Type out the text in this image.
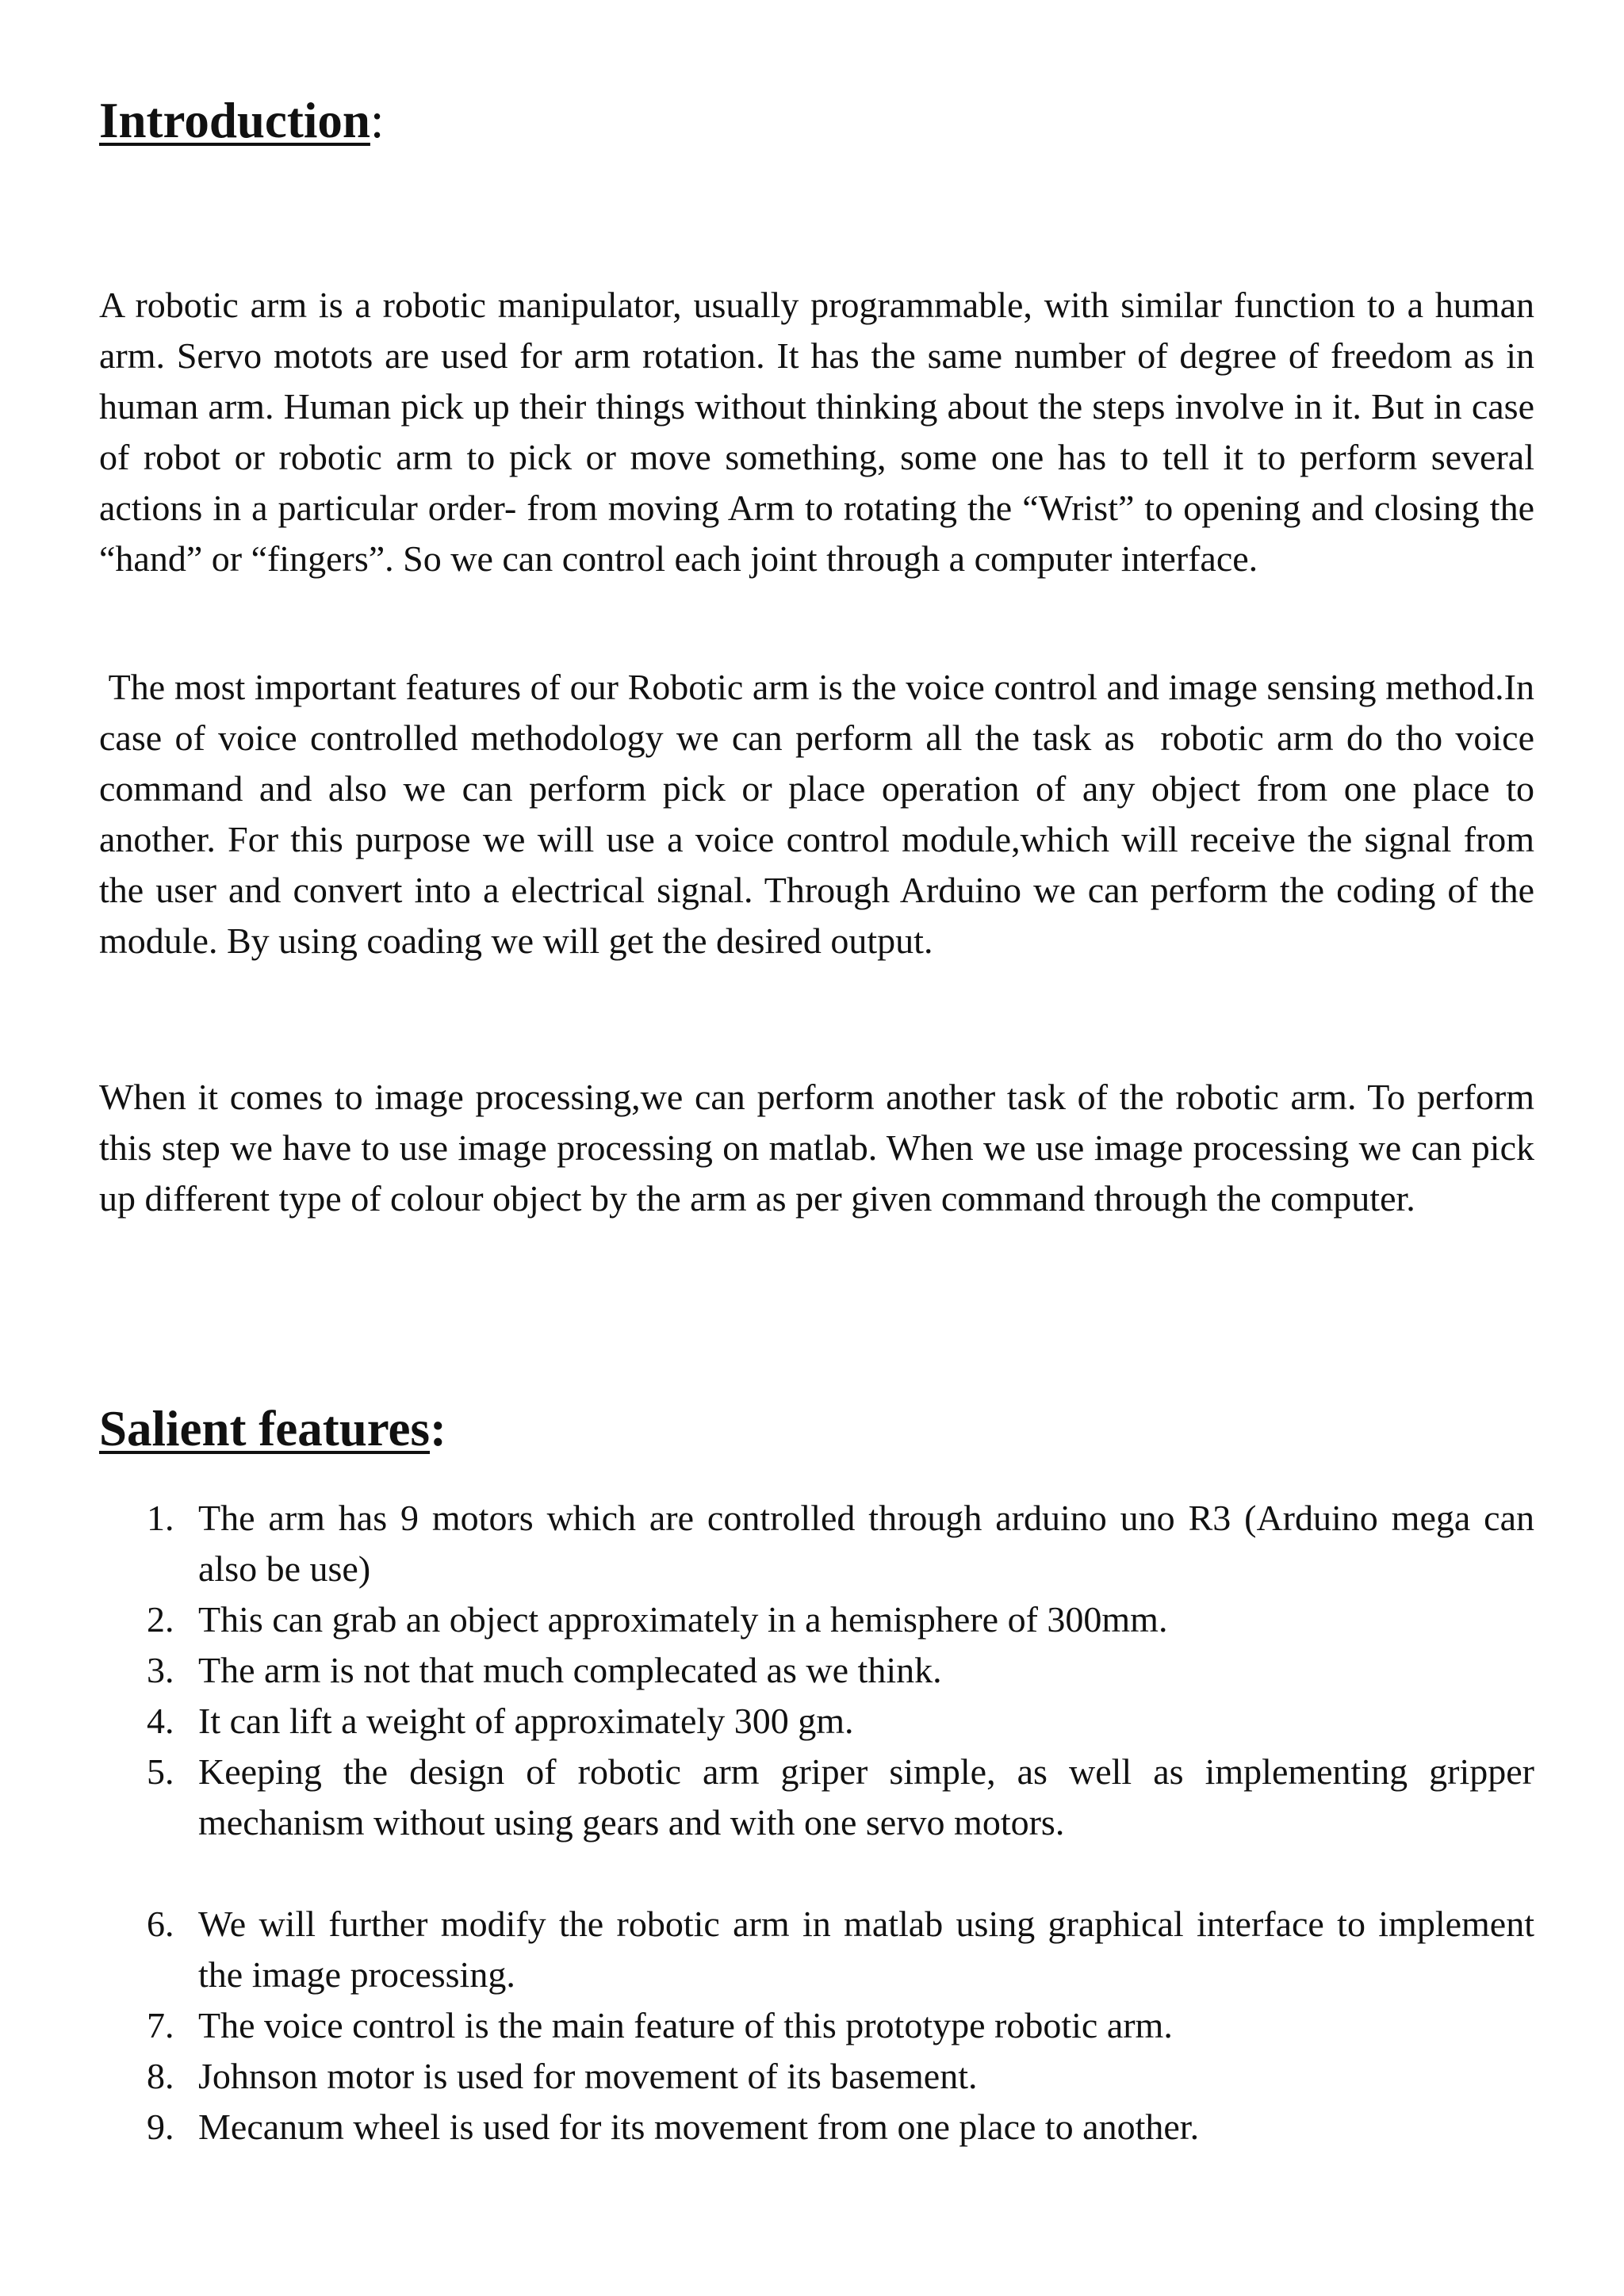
Introduction:

A robotic arm is a robotic manipulator, usually programmable, with similar function to a human arm. Servo motots are used for arm rotation. It has the same number of degree of freedom as in human arm. Human pick up their things without thinking about the steps involve in it. But in case of robot or robotic arm to pick or move something, some one has to tell it to perform several actions in a particular order- from moving Arm to rotating the “Wrist” to opening and closing the “hand” or “fingers”. So we can control each joint through a computer interface.

The most important features of our Robotic arm is the voice control and image sensing method.In case of voice controlled methodology we can perform all the task as  robotic arm do tho voice command and also we can perform pick or place operation of any object from one place to another. For this purpose we will use a voice control module,which will receive the signal from the user and convert into a electrical signal. Through Arduino we can perform the coding of the module. By using coading we will get the desired output.

When it comes to image processing,we can perform another task of the robotic arm. To perform this step we have to use image processing on matlab. When we use image processing we can pick up different type of colour object by the arm as per given command through the computer.

Salient features:
1. The arm has 9 motors which are controlled through arduino uno R3 (Arduino mega can also be use)
2. This can grab an object approximately in a hemisphere of 300mm.
3. The arm is not that much complecated as we think.
4. It can lift a weight of approximately 300 gm.
5. Keeping the design of robotic arm griper simple, as well as implementing gripper mechanism without using gears and with one servo motors.
6. We will further modify the robotic arm in matlab using graphical interface to implement the image processing.
7. The voice control is the main feature of this prototype robotic arm.
8. Johnson motor is used for movement of its basement.
9. Mecanum wheel is used for its movement from one place to another.
